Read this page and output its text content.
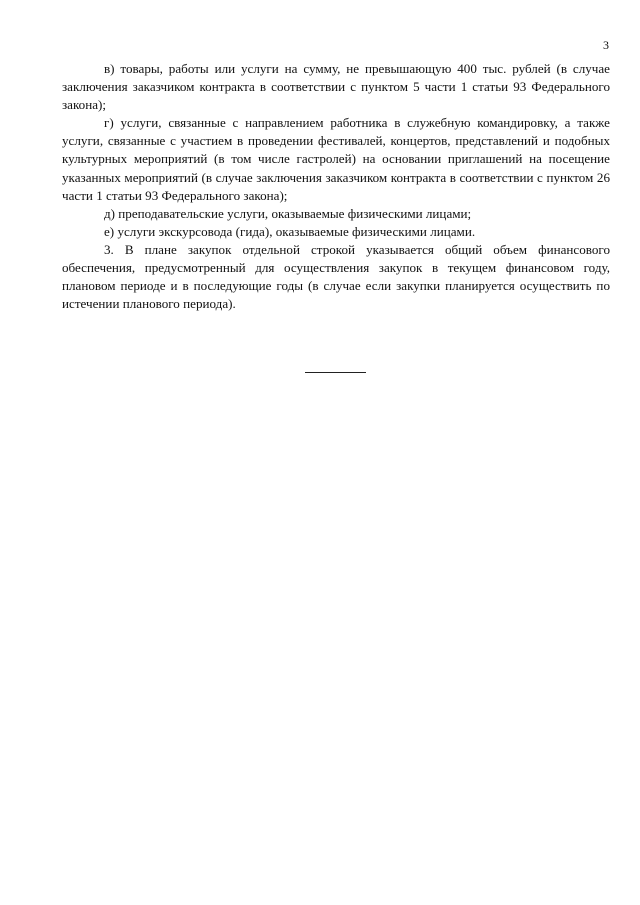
3

в) товары, работы или услуги на сумму, не превышающую 400 тыс. рублей (в случае заключения заказчиком контракта в соответствии с пунктом 5 части 1 статьи 93 Федерального закона);

г) услуги, связанные с направлением работника в служебную командировку, а также услуги, связанные с участием в проведении фестивалей, концертов, представлений и подобных культурных мероприятий (в том числе гастролей) на основании приглашений на посещение указанных мероприятий (в случае заключения заказчиком контракта в соответствии с пунктом 26 части 1 статьи 93 Федерального закона);

д) преподавательские услуги, оказываемые физическими лицами;

е) услуги экскурсовода (гида), оказываемые физическими лицами.

3. В плане закупок отдельной строкой указывается общий объем финансового обеспечения, предусмотренный для осуществления закупок в текущем финансовом году, плановом периоде и в последующие годы (в случае если закупки планируется осуществить по истечении планового периода).
